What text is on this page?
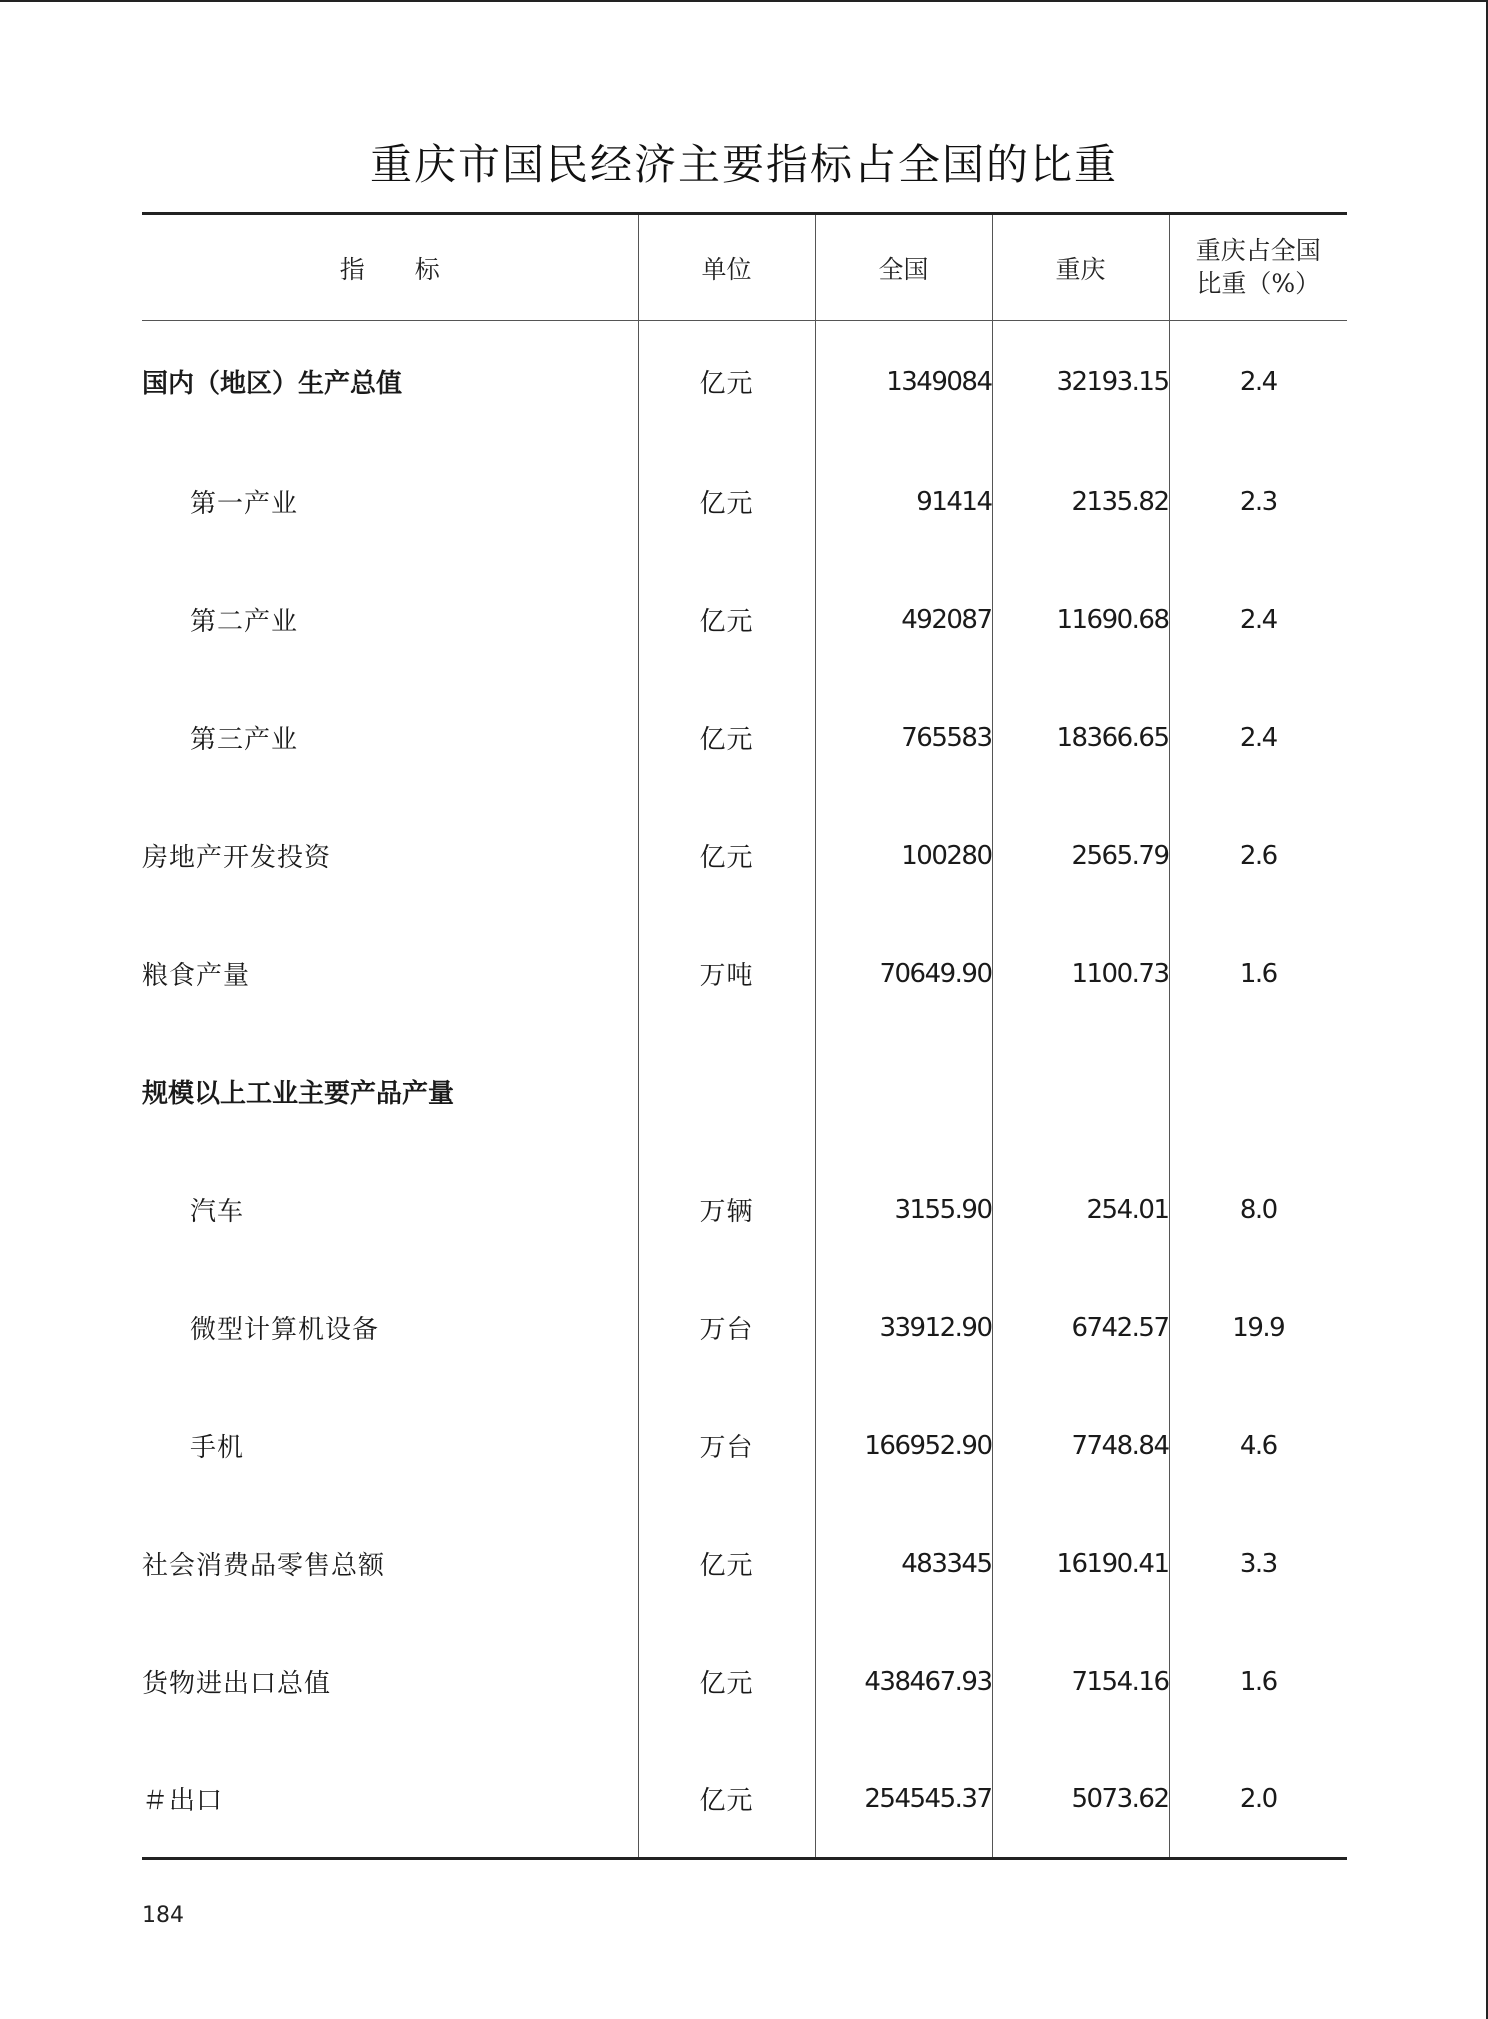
重庆市国民经济主要指标占全国的比重
指　　标	单位	全国	重庆	重庆占全国
比重（%）
国内（地区）生产总值	亿元	1349084	32193.15	2.4
第一产业	亿元	91414	2135.82	2.3
第二产业	亿元	492087	11690.68	2.4
第三产业	亿元	765583	18366.65	2.4
房地产开发投资	亿元	100280	2565.79	2.6
粮食产量	万吨	70649.90	1100.73	1.6
规模以上工业主要产品产量				
汽车	万辆	3155.90	254.01	8.0
微型计算机设备	万台	33912.90	6742.57	19.9
手机	万台	166952.90	7748.84	4.6
社会消费品零售总额	亿元	483345	16190.41	3.3
货物进出口总值	亿元	438467.93	7154.16	1.6
＃出口	亿元	254545.37	5073.62	2.0
184
